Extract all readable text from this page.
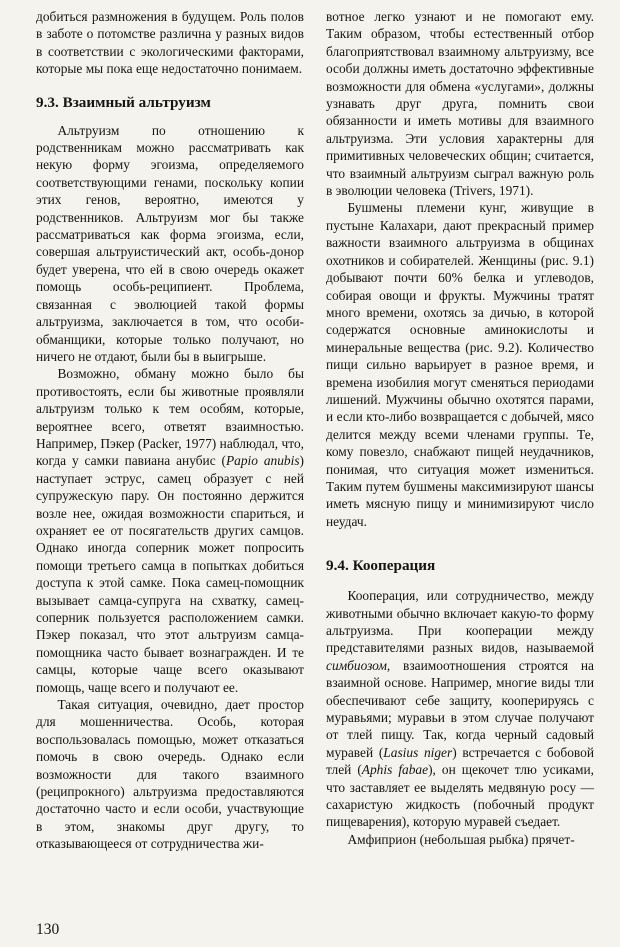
добиться размножения в будущем. Роль полов в заботе о потомстве различна у разных видов в соответствии с экологическими факторами, которые мы пока еще недостаточно понимаем.

9.3. Взаимный альтруизм

Альтруизм по отношению к родственникам можно рассматривать как некую форму эгоизма, определяемого соответствующими генами, поскольку копии этих генов, вероятно, имеются у родственников. Альтруизм мог бы также рассматриваться как форма эгоизма, если, совершая альтруистический акт, особь-донор будет уверена, что ей в свою очередь окажет помощь особь-реципиент. Проблема, связанная с эволюцией такой формы альтруизма, заключается в том, что особи-обманщики, которые только получают, но ничего не отдают, были бы в выигрыше.

Возможно, обману можно было бы противостоять, если бы животные проявляли альтруизм только к тем особям, которые, вероятнее всего, ответят взаимностью. Например, Пэкер (Packer, 1977) наблюдал, что, когда у самки павиана анубис (Papio anubis) наступает эструс, самец образует с ней супружескую пару. Он постоянно держится возле нее, ожидая возможности спариться, и охраняет ее от посягательств других самцов. Однако иногда соперник может попросить помощи третьего самца в попытках добиться доступа к этой самке. Пока самец-помощник вызывает самца-супруга на схватку, самец-соперник пользуется расположением самки. Пэкер показал, что этот альтруизм самца-помощника часто бывает вознагражден. И те самцы, которые чаще всего оказывают помощь, чаще всего и получают ее.

Такая ситуация, очевидно, дает простор для мошенничества. Особь, которая воспользовалась помощью, может отказаться помочь в свою очередь. Однако если возможности для такого взаимного (реципрокного) альтруизма предоставляются достаточно часто и если особи, участвующие в этом, знакомы друг другу, то отказывающееся от сотрудничества жи-

вотное легко узнают и не помогают ему. Таким образом, чтобы естественный отбор благоприятствовал взаимному альтруизму, все особи должны иметь достаточно эффективные возможности для обмена «услугами», должны узнавать друг друга, помнить свои обязанности и иметь мотивы для взаимного альтруизма. Эти условия характерны для примитивных человеческих общин; считается, что взаимный альтруизм сыграл важную роль в эволюции человека (Trivers, 1971).

Бушмены племени кунг, живущие в пустыне Калахари, дают прекрасный пример важности взаимного альтруизма в общинах охотников и собирателей. Женщины (рис. 9.1) добывают почти 60% белка и углеводов, собирая овощи и фрукты. Мужчины тратят много времени, охотясь за дичью, в которой содержатся основные аминокислоты и минеральные вещества (рис. 9.2). Количество пищи сильно варьирует в разное время, и времена изобилия могут сменяться периодами лишений. Мужчины обычно охотятся парами, и если кто-либо возвращается с добычей, мясо делится между всеми членами группы. Те, кому повезло, снабжают пищей неудачников, понимая, что ситуация может измениться. Таким путем бушмены максимизируют шансы иметь мясную пищу и минимизируют число неудач.

9.4. Кооперация

Кооперация, или сотрудничество, между животными обычно включает какую-то форму альтруизма. При кооперации между представителями разных видов, называемой симбиозом, взаимоотношения строятся на взаимной основе. Например, многие виды тли обеспечивают себе защиту, кооперируясь с муравьями; муравьи в этом случае получают от тлей пищу. Так, когда черный садовый муравей (Lasius niger) встречается с бобовой тлей (Aphis fabae), он щекочет тлю усиками, что заставляет ее выделять медвяную росу — сахаристую жидкость (побочный продукт пищеварения), которую муравей съедает.

Амфиприон (небольшая рыбка) прячет-

130
